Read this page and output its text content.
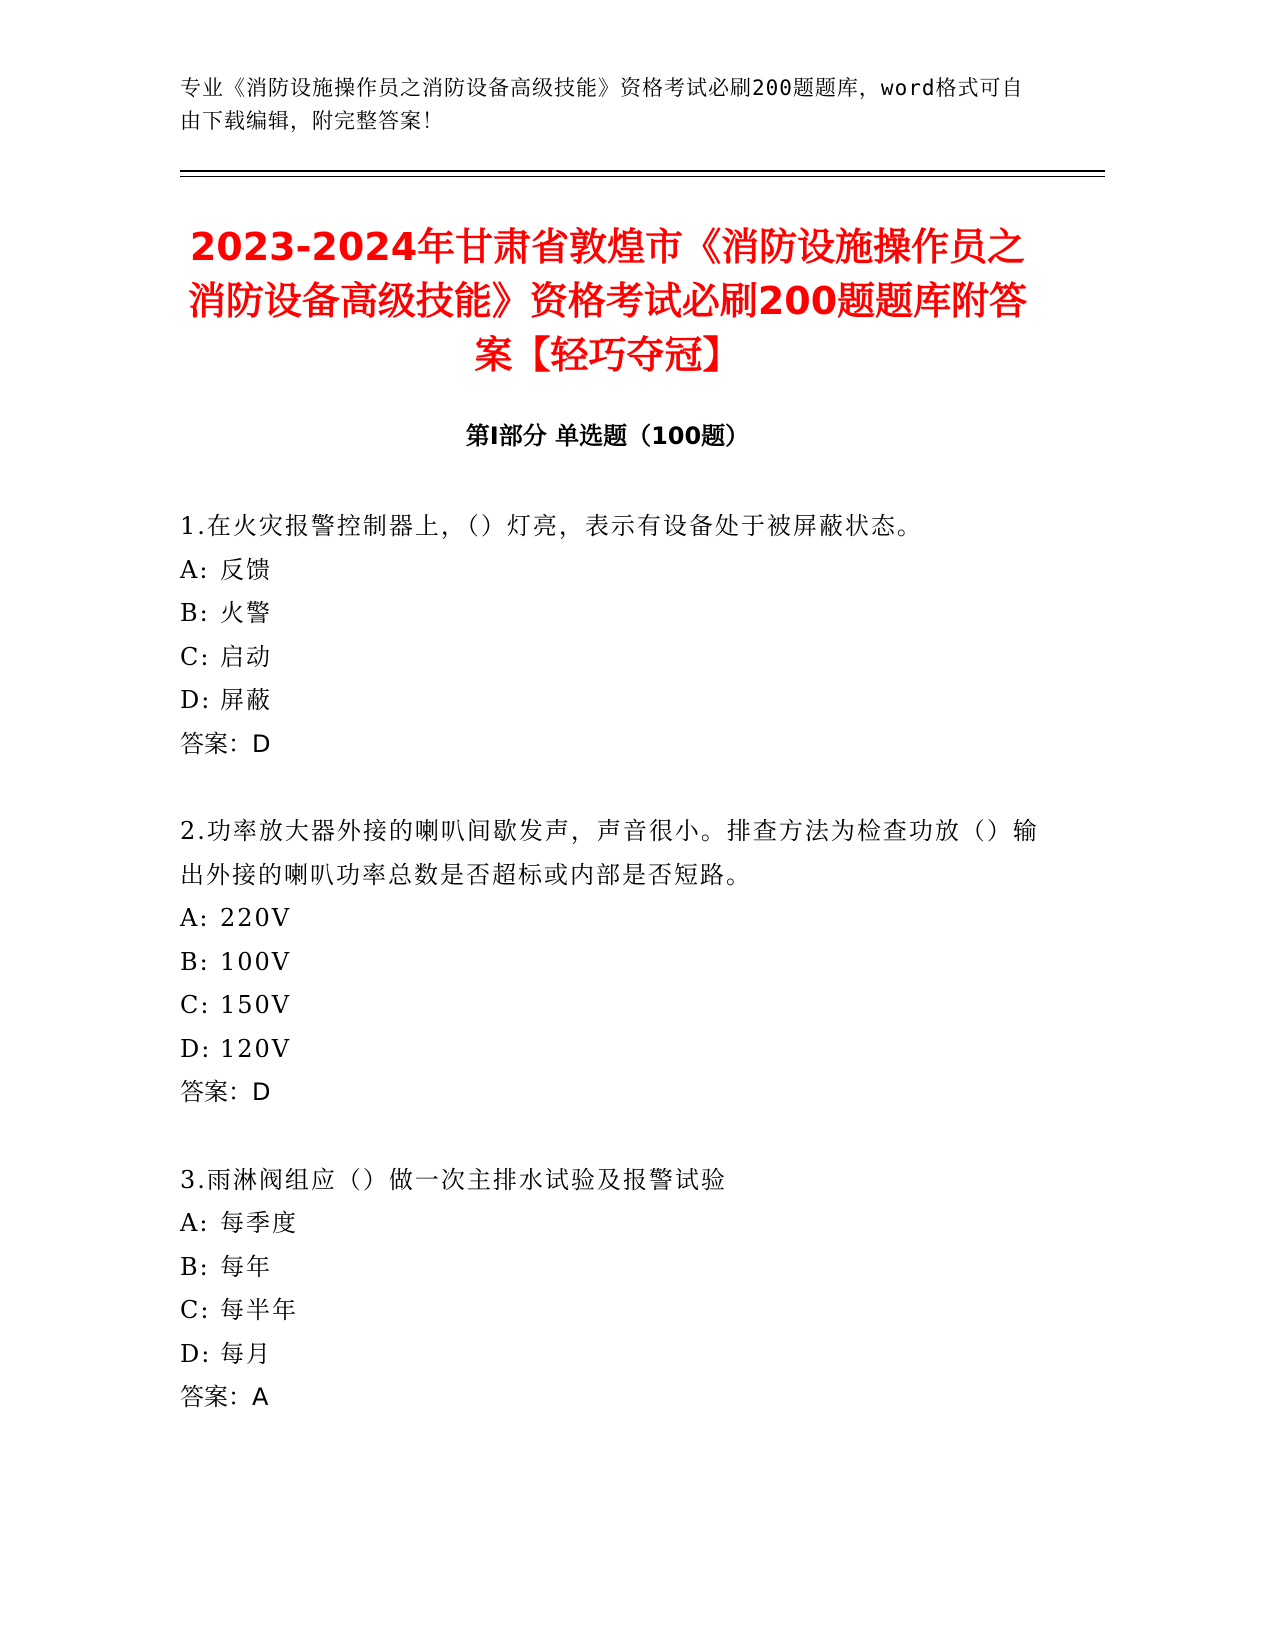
专业《消防设施操作员之消防设备高级技能》资格考试必刷200题题库，word格式可自由下载编辑，附完整答案！
2023-2024年甘肃省敦煌市《消防设施操作员之消防设备高级技能》资格考试必刷200题题库附答案【轻巧夺冠】
第Ⅰ部分 单选题（100题）
1.在火灾报警控制器上，（）灯亮，表示有设备处于被屏蔽状态。
A: 反馈
B: 火警
C: 启动
D: 屏蔽
答案：D
2.功率放大器外接的喇叭间歇发声，声音很小。排查方法为检查功放（）输出外接的喇叭功率总数是否超标或内部是否短路。
A: 220V
B: 100V
C: 150V
D: 120V
答案：D
3.雨淋阀组应（）做一次主排水试验及报警试验
A: 每季度
B: 每年
C: 每半年
D: 每月
答案：A
